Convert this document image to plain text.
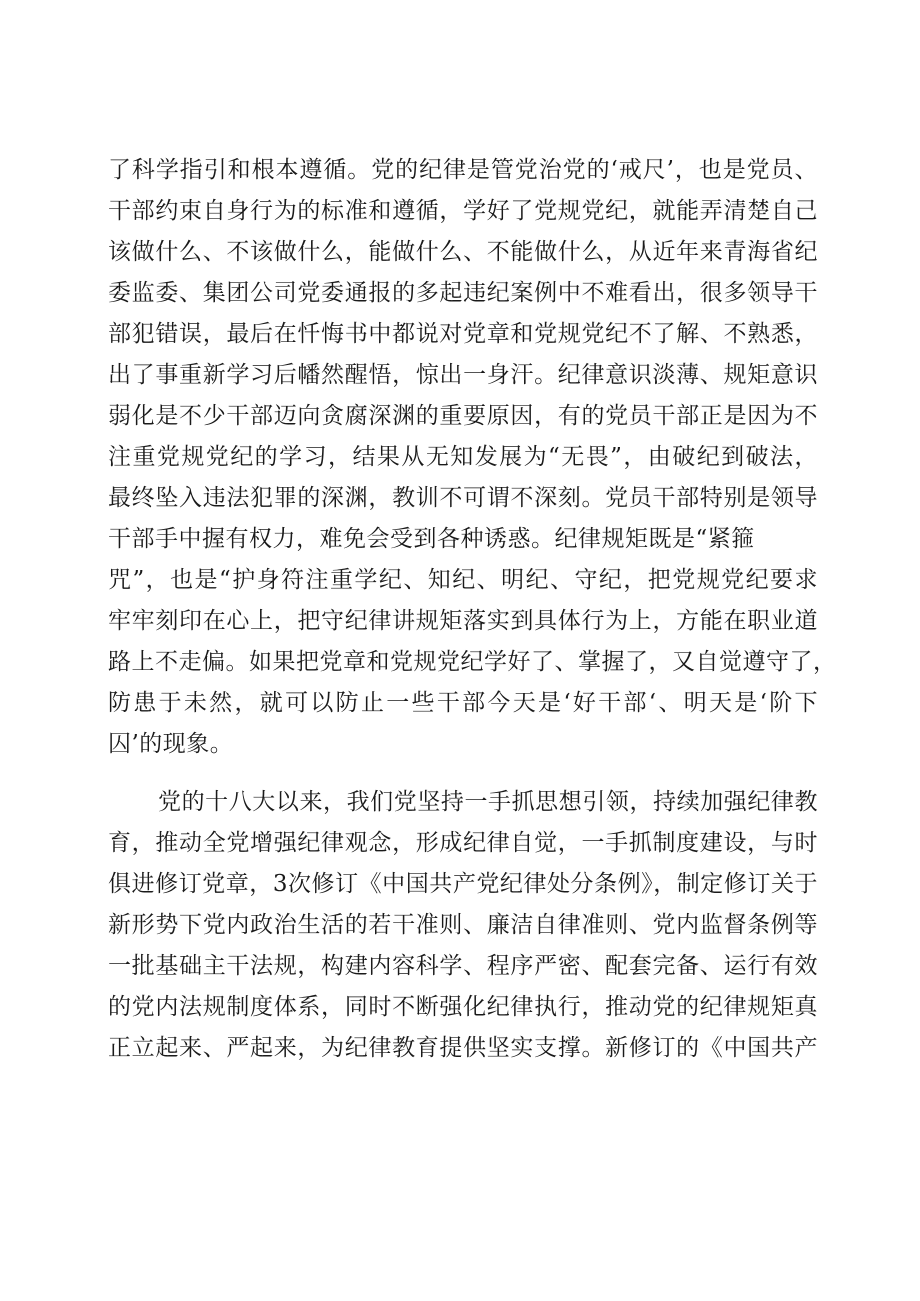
了科学指引和根本遵循。党的纪律是管党治党的‘戒尺’，也是党员、
干部约束自身行为的标准和遵循，学好了党规党纪，就能弄清楚自己
该做什么、不该做什么，能做什么、不能做什么，从近年来青海省纪
委监委、集团公司党委通报的多起违纪案例中不难看出，很多领导干
部犯错误，最后在忏悔书中都说对党章和党规党纪不了解、不熟悉，
出了事重新学习后幡然醒悟，惊出一身汗。纪律意识淡薄、规矩意识
弱化是不少干部迈向贪腐深渊的重要原因，有的党员干部正是因为不
注重党规党纪的学习，结果从无知发展为“无畏”，由破纪到破法，
最终坠入违法犯罪的深渊，教训不可谓不深刻。党员干部特别是领导
干部手中握有权力，难免会受到各种诱惑。纪律规矩既是“紧箍
咒”，也是“护身符注重学纪、知纪、明纪、守纪，把党规党纪要求
牢牢刻印在心上，把守纪律讲规矩落实到具体行为上，方能在职业道
路上不走偏。如果把党章和党规党纪学好了、掌握了，又自觉遵守了，
防患于未然，就可以防止一些干部今天是‘好干部‘、明天是‘阶下
囚’的现象。
党的十八大以来，我们党坚持一手抓思想引领，持续加强纪律教
育，推动全党增强纪律观念，形成纪律自觉，一手抓制度建设，与时
俱进修订党章，3次修订《中国共产党纪律处分条例》，制定修订关于
新形势下党内政治生活的若干准则、廉洁自律准则、党内监督条例等
一批基础主干法规，构建内容科学、程序严密、配套完备、运行有效
的党内法规制度体系，同时不断强化纪律执行，推动党的纪律规矩真
正立起来、严起来，为纪律教育提供坚实支撑。新修订的《中国共产
